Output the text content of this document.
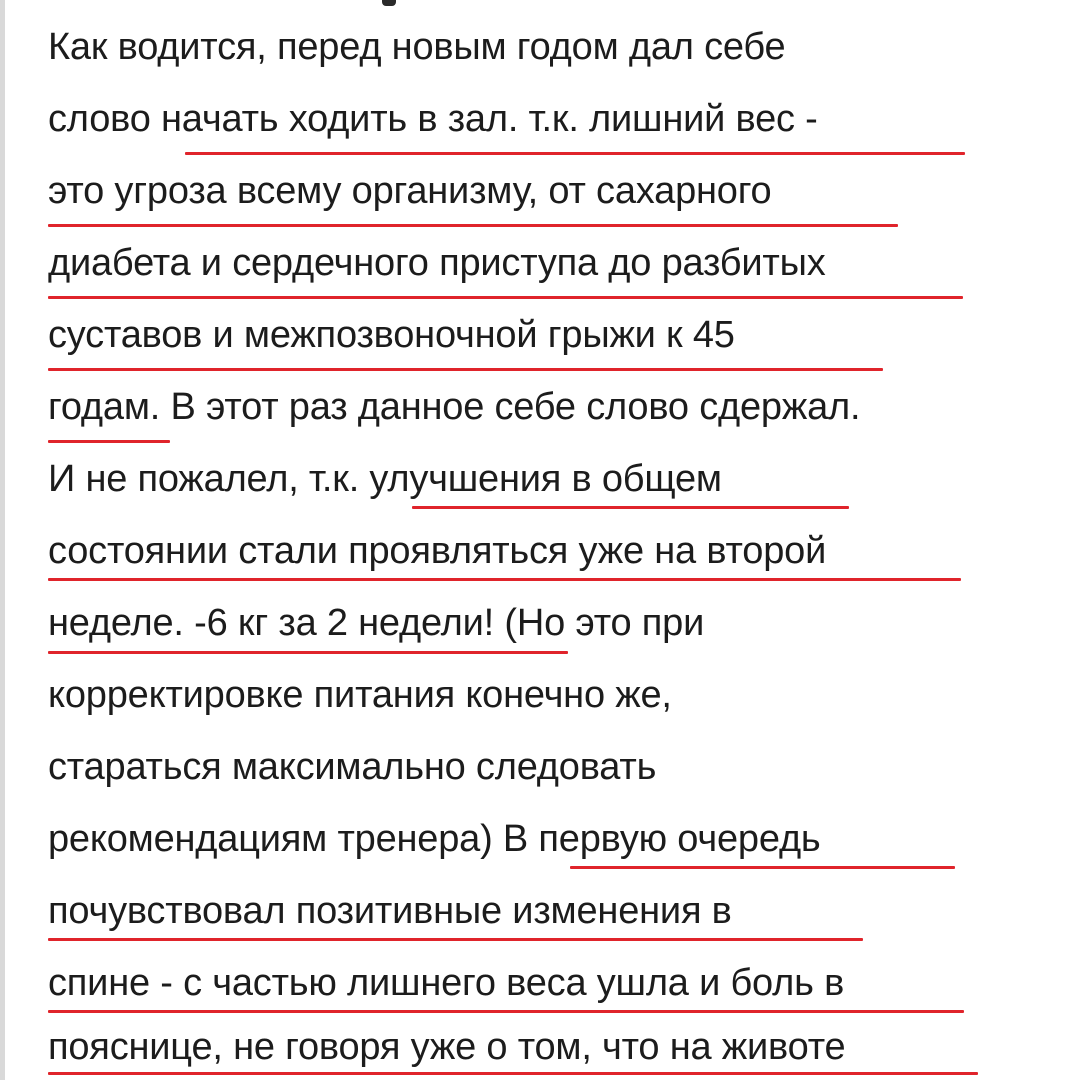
Как водится, перед новым годом дал себе
слово начать ходить в зал. т.к. лишний вес -
это угроза всему организму, от сахарного
диабета и сердечного приступа до разбитых
суставов и межпозвоночной грыжи к 45
годам. В этот раз данное себе слово сдержал.
И не пожалел, т.к. улучшения в общем
состоянии стали проявляться уже на второй
неделе. -6 кг за 2 недели! (Но это при
корректировке питания конечно же,
стараться максимально следовать
рекомендациям тренера) В первую очередь
почувствовал позитивные изменения в
спине - с частью лишнего веса ушла и боль в
пояснице, не говоря уже о том, что на животе
